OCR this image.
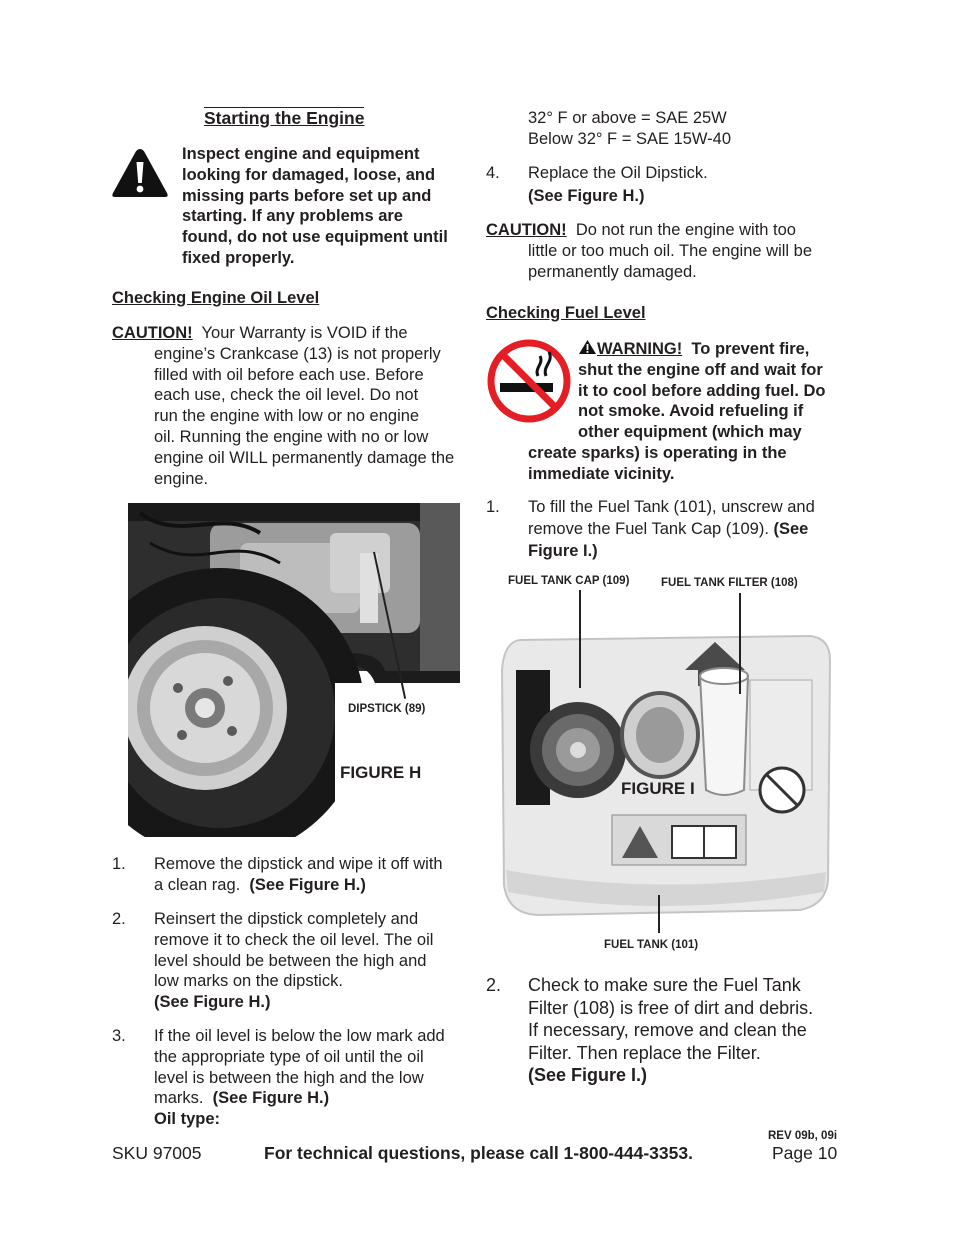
Starting the Engine
Inspect engine and equipment
looking for damaged, loose, and
missing parts before set up and
starting. If any problems are
found, do not use equipment until
fixed properly.
Checking Engine Oil Level
CAUTION! Your Warranty is VOID if the
engine’s Crankcase (13) is not properly
filled with oil before each use. Before
each use, check the oil level. Do not
run the engine with low or no engine
oil. Running the engine with no or low
engine oil WILL permanently damage the
engine.
DIPSTICK (89)
FIGURE H
1. Remove the dipstick and wipe it off with
a clean rag. (See Figure H.)
2. Reinsert the dipstick completely and
remove it to check the oil level. The oil
level should be between the high and
low marks on the dipstick.
(See Figure H.)
3. If the oil level is below the low mark add
the appropriate type of oil until the oil
level is between the high and the low
marks. (See Figure H.)
Oil type:
32° F or above = SAE 25W
Below 32° F = SAE 15W-40
4. Replace the Oil Dipstick.
(See Figure H.)
CAUTION! Do not run the engine with too
little or too much oil. The engine will be
permanently damaged.
Checking Fuel Level
WARNING! To prevent fire,
shut the engine off and wait for
it to cool before adding fuel. Do
not smoke. Avoid refueling if
other equipment (which may
create sparks) is operating in the
immediate vicinity.
1. To fill the Fuel Tank (101), unscrew and
remove the Fuel Tank Cap (109). (See
Figure I.)
FUEL TANK CAP (109)	FUEL TANK FILTER (108)
FIGURE I
FUEL TANK (101)
2. Check to make sure the Fuel Tank
Filter (108) is free of dirt and debris.
If necessary, remove and clean the
Filter. Then replace the Filter.
(See Figure I.)
REV 09b, 09i
SKU 97005	For technical questions, please call 1-800-444-3353.	Page 10
